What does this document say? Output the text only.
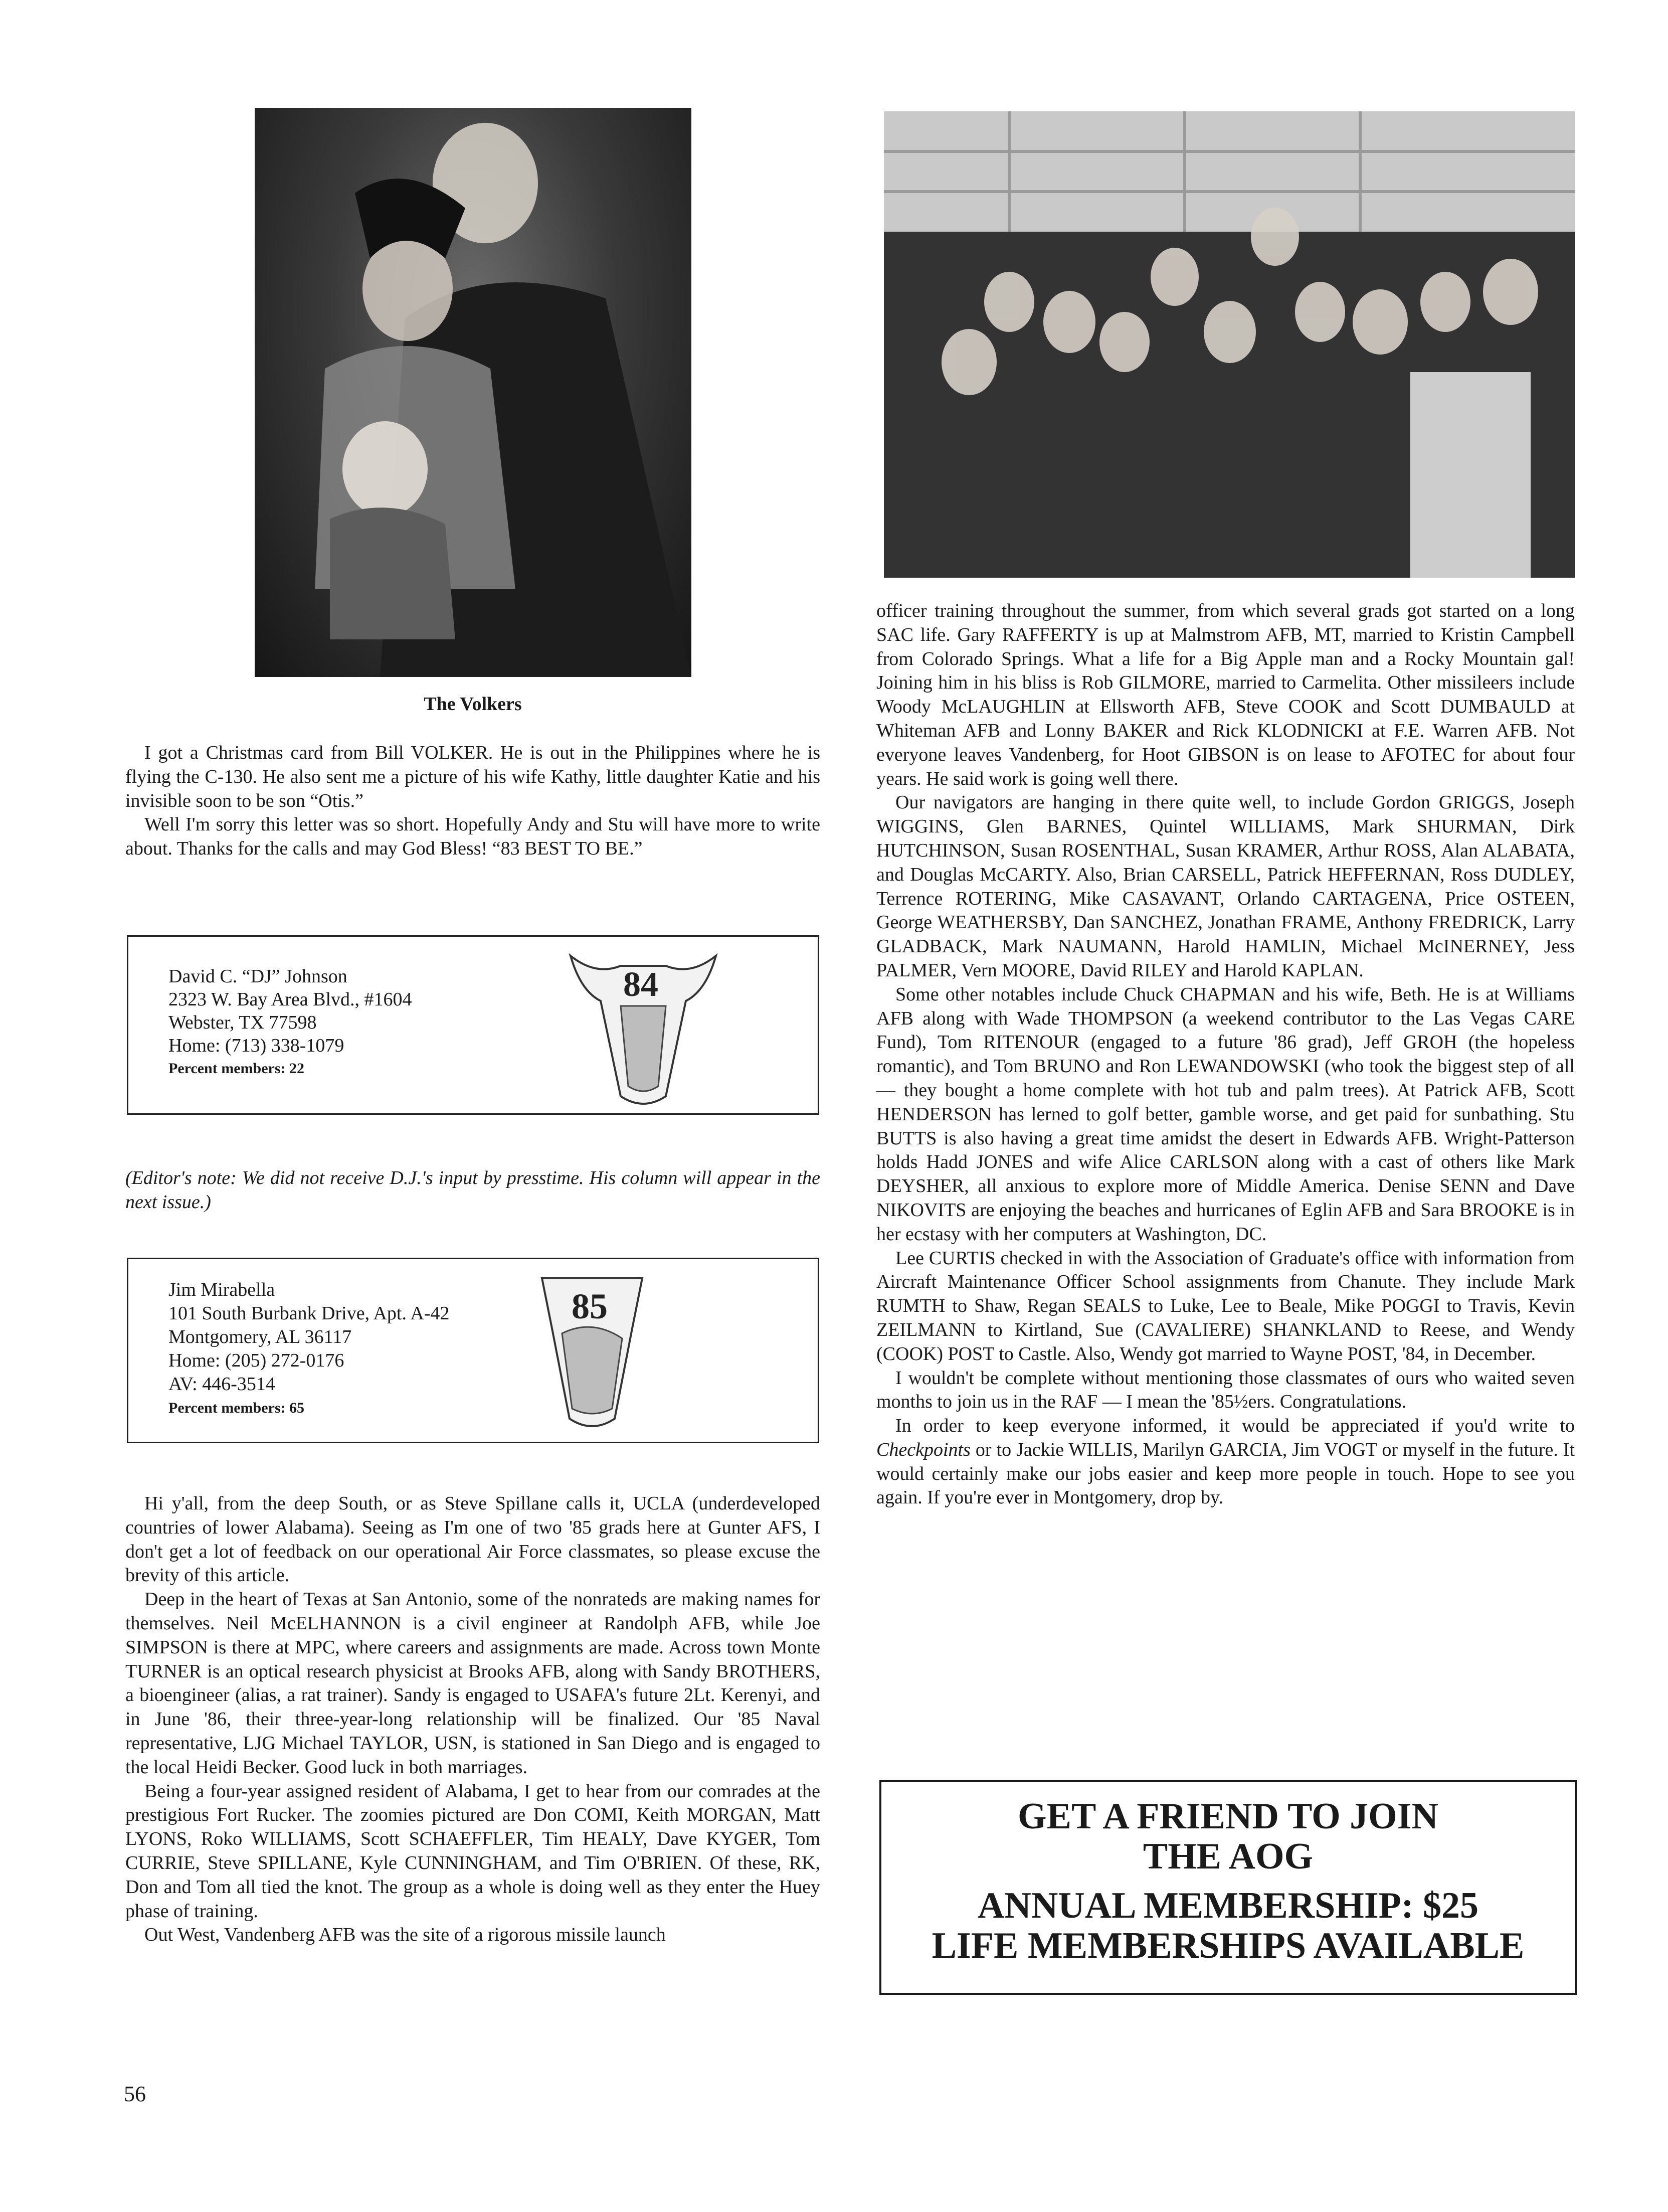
The Volkers

I got a Christmas card from Bill VOLKER. He is out in the Philippines where he is flying the C-130. He also sent me a picture of his wife Kathy, little daughter Katie and his invisible soon to be son “Otis.”

Well I'm sorry this letter was so short. Hopefully Andy and Stu will have more to write about. Thanks for the calls and may God Bless! “83 BEST TO BE.”

David C. “DJ” Johnson
2323 W. Bay Area Blvd., #1604
Webster, TX 77598
Home: (713) 338-1079
Percent members: 22
84
(Editor's note: We did not receive D.J.'s input by presstime. His column will appear in the next issue.)
Jim Mirabella
101 South Burbank Drive, Apt. A-42
Montgomery, AL 36117
Home: (205) 272-0176
AV: 446-3514
Percent members: 65
85

Hi y'all, from the deep South, or as Steve Spillane calls it, UCLA (underdeveloped countries of lower Alabama). Seeing as I'm one of two '85 grads here at Gunter AFS, I don't get a lot of feedback on our operational Air Force classmates, so please excuse the brevity of this article.

Deep in the heart of Texas at San Antonio, some of the nonrateds are making names for themselves. Neil McELHANNON is a civil engineer at Randolph AFB, while Joe SIMPSON is there at MPC, where careers and assignments are made. Across town Monte TURNER is an optical research physicist at Brooks AFB, along with Sandy BROTHERS, a bioengineer (alias, a rat trainer). Sandy is engaged to USAFA's future 2Lt. Kerenyi, and in June '86, their three-year-long relationship will be finalized. Our '85 Naval representative, LJG Michael TAYLOR, USN, is stationed in San Diego and is engaged to the local Heidi Becker. Good luck in both marriages.

Being a four-year assigned resident of Alabama, I get to hear from our comrades at the prestigious Fort Rucker. The zoomies pictured are Don COMI, Keith MORGAN, Matt LYONS, Roko WILLIAMS, Scott SCHAEFFLER, Tim HEALY, Dave KYGER, Tom CURRIE, Steve SPILLANE, Kyle CUNNINGHAM, and Tim O'BRIEN. Of these, RK, Don and Tom all tied the knot. The group as a whole is doing well as they enter the Huey phase of training.

Out West, Vandenberg AFB was the site of a rigorous missile launch

officer training throughout the summer, from which several grads got started on a long SAC life. Gary RAFFERTY is up at Malmstrom AFB, MT, married to Kristin Campbell from Colorado Springs. What a life for a Big Apple man and a Rocky Mountain gal! Joining him in his bliss is Rob GILMORE, married to Carmelita. Other missileers include Woody McLAUGHLIN at Ellsworth AFB, Steve COOK and Scott DUMBAULD at Whiteman AFB and Lonny BAKER and Rick KLODNICKI at F.E. Warren AFB. Not everyone leaves Vandenberg, for Hoot GIBSON is on lease to AFOTEC for about four years. He said work is going well there.

Our navigators are hanging in there quite well, to include Gordon GRIGGS, Joseph WIGGINS, Glen BARNES, Quintel WILLIAMS, Mark SHURMAN, Dirk HUTCHINSON, Susan ROSENTHAL, Susan KRAMER, Arthur ROSS, Alan ALABATA, and Douglas McCARTY. Also, Brian CARSELL, Patrick HEFFERNAN, Ross DUDLEY, Terrence ROTERING, Mike CASAVANT, Orlando CARTAGENA, Price OSTEEN, George WEATHERSBY, Dan SANCHEZ, Jonathan FRAME, Anthony FREDRICK, Larry GLADBACK, Mark NAUMANN, Harold HAMLIN, Michael McINERNEY, Jess PALMER, Vern MOORE, David RILEY and Harold KAPLAN.

Some other notables include Chuck CHAPMAN and his wife, Beth. He is at Williams AFB along with Wade THOMPSON (a weekend contributor to the Las Vegas CARE Fund), Tom RITENOUR (engaged to a future '86 grad), Jeff GROH (the hopeless romantic), and Tom BRUNO and Ron LEWANDOWSKI (who took the biggest step of all — they bought a home complete with hot tub and palm trees). At Patrick AFB, Scott HENDERSON has lerned to golf better, gamble worse, and get paid for sunbathing. Stu BUTTS is also having a great time amidst the desert in Edwards AFB. Wright-Patterson holds Hadd JONES and wife Alice CARLSON along with a cast of others like Mark DEYSHER, all anxious to explore more of Middle America. Denise SENN and Dave NIKOVITS are enjoying the beaches and hurricanes of Eglin AFB and Sara BROOKE is in her ecstasy with her computers at Washington, DC.

Lee CURTIS checked in with the Association of Graduate's office with information from Aircraft Maintenance Officer School assignments from Chanute. They include Mark RUMTH to Shaw, Regan SEALS to Luke, Lee to Beale, Mike POGGI to Travis, Kevin ZEILMANN to Kirtland, Sue (CAVALIERE) SHANKLAND to Reese, and Wendy (COOK) POST to Castle. Also, Wendy got married to Wayne POST, '84, in December.

I wouldn't be complete without mentioning those classmates of ours who waited seven months to join us in the RAF — I mean the '85½ers. Congratulations.

In order to keep everyone informed, it would be appreciated if you'd write to Checkpoints or to Jackie WILLIS, Marilyn GARCIA, Jim VOGT or myself in the future. It would certainly make our jobs easier and keep more people in touch. Hope to see you again. If you're ever in Montgomery, drop by.

GET A FRIEND TO JOIN
THE AOG
ANNUAL MEMBERSHIP: $25
LIFE MEMBERSHIPS AVAILABLE
56
